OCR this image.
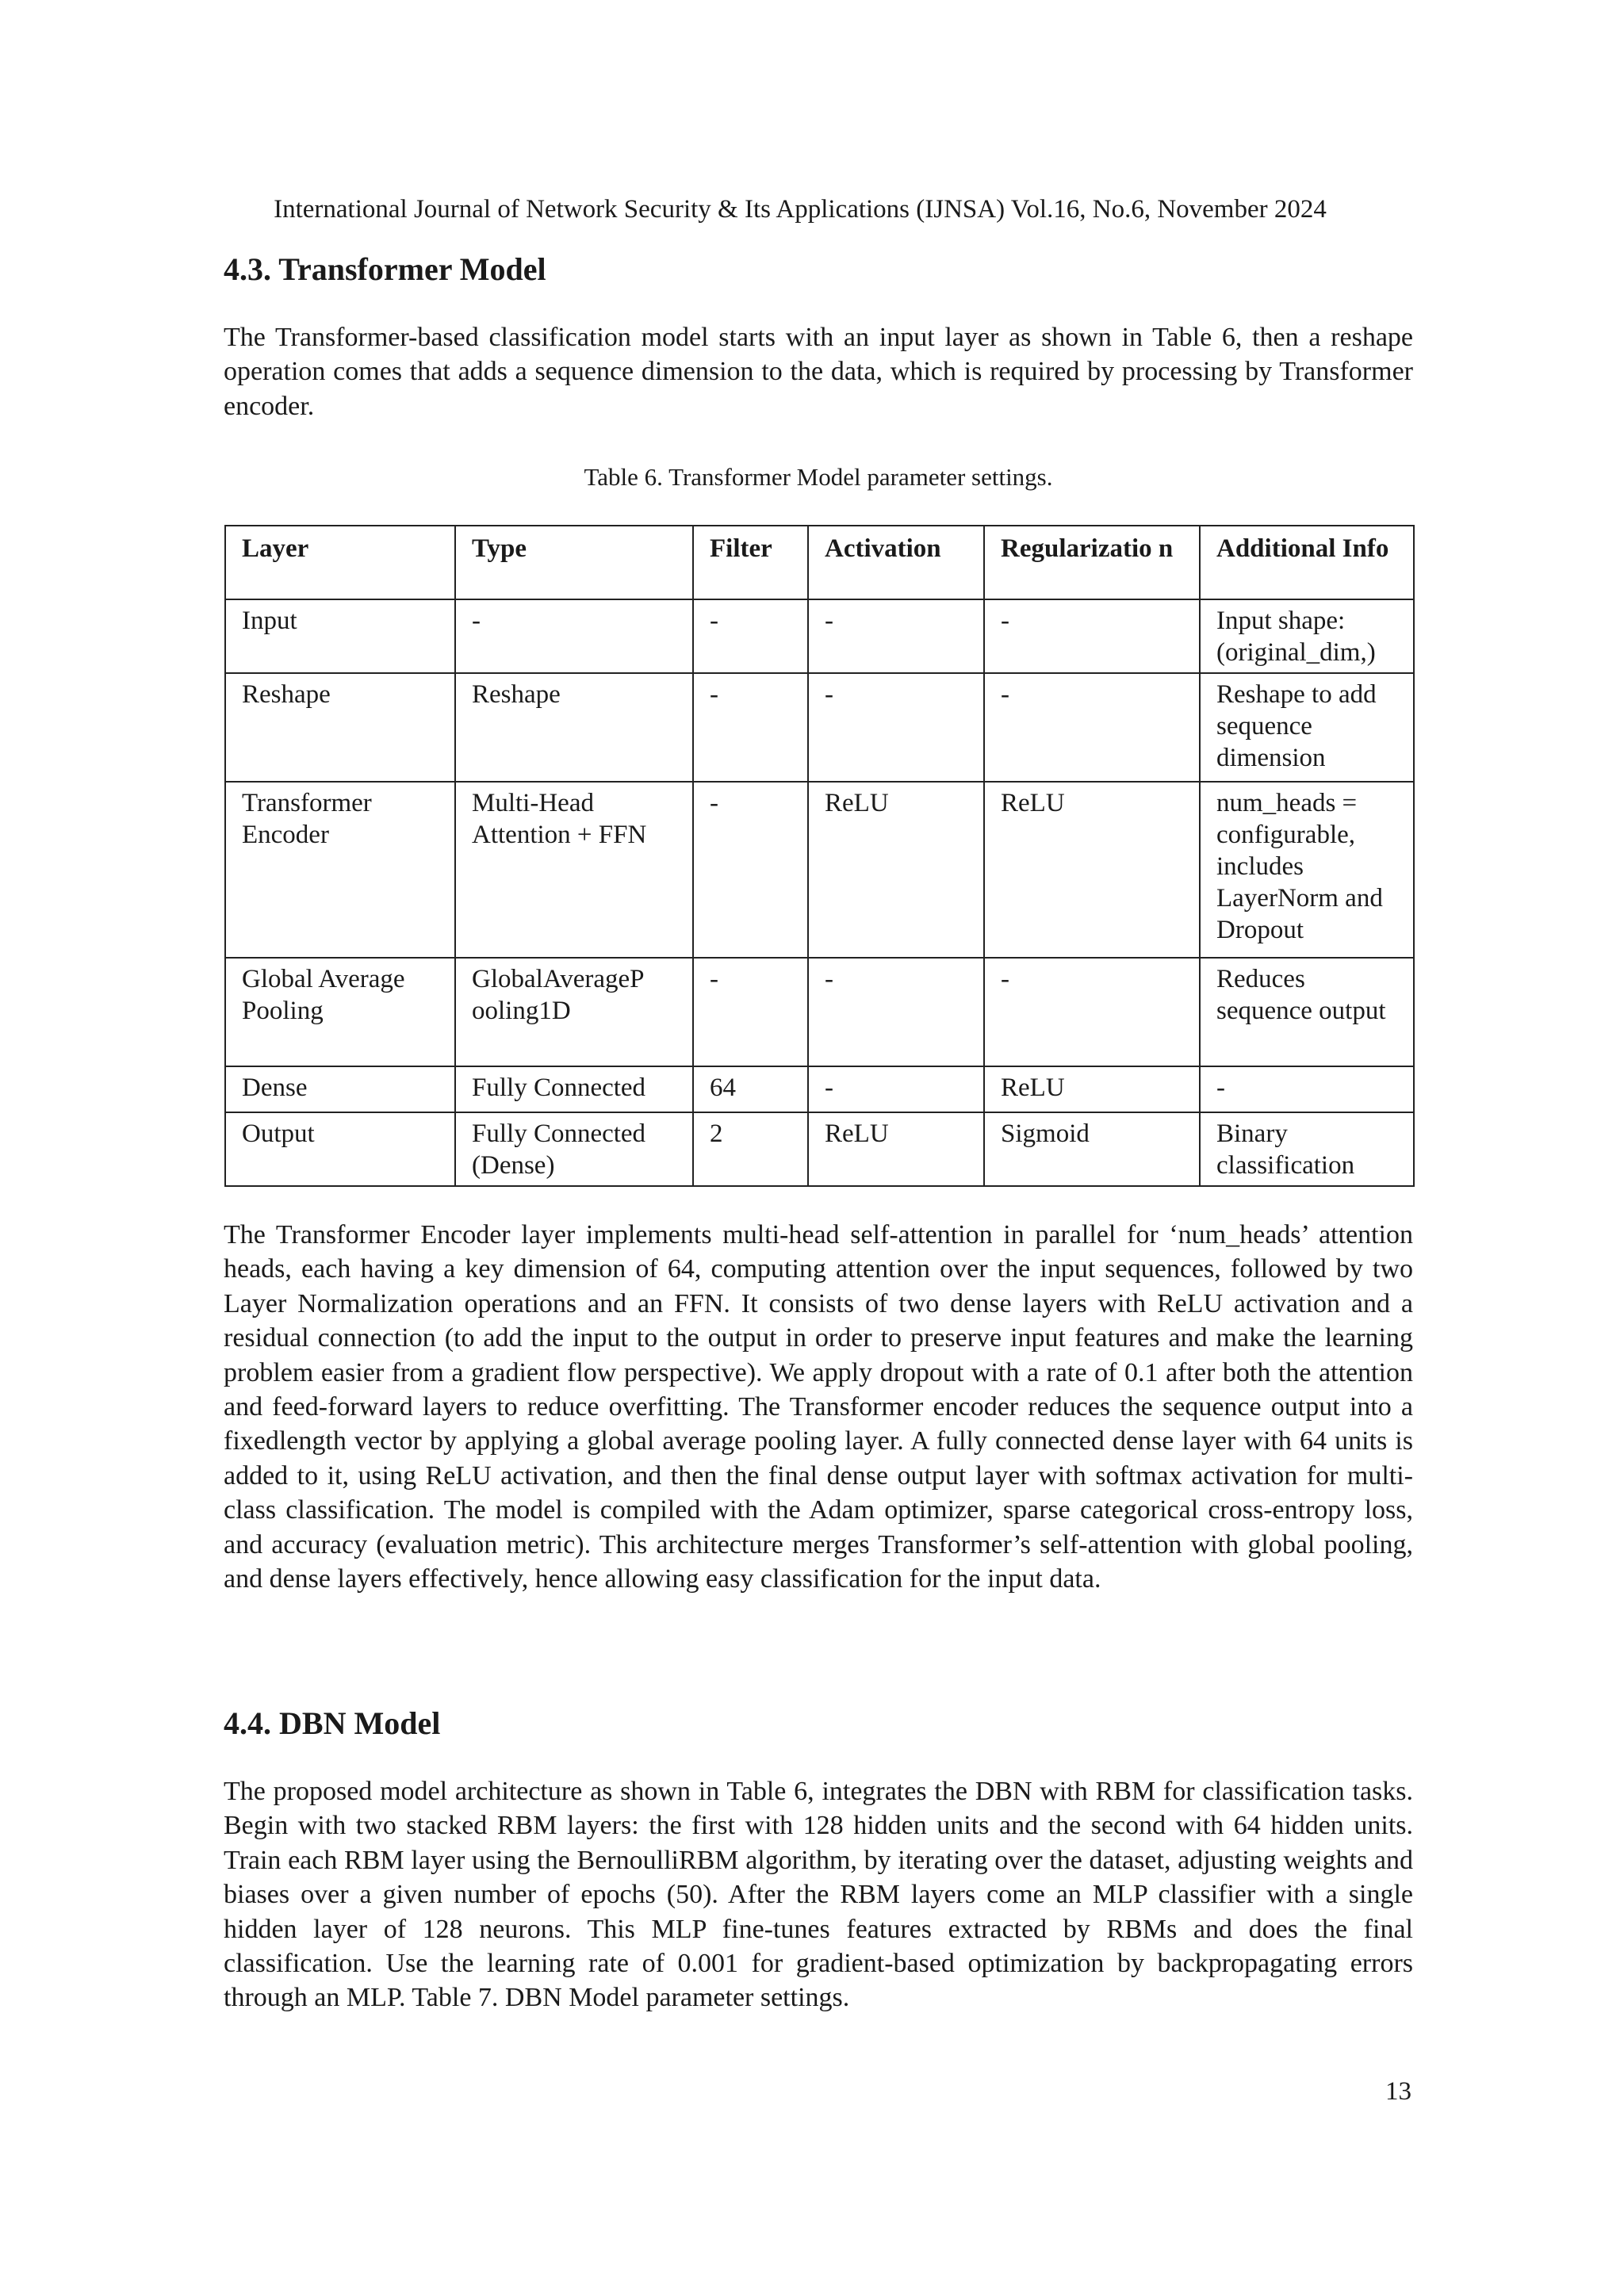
International Journal of Network Security & Its Applications (IJNSA) Vol.16, No.6, November 2024
4.3. Transformer Model

The Transformer-based classification model starts with an input layer as shown in Table 6, then a reshape operation comes that adds a sequence dimension to the data, which is required by processing by Transformer encoder.

Table 6. Transformer Model parameter settings.
Layer	Type	Filter	Activation	Regularizatio n	Additional Info
Input	-	-	-	-	Input shape: (original_dim,)
Reshape	Reshape	-	-	-	Reshape to add sequence dimension
Transformer Encoder	Multi-Head Attention + FFN	-	ReLU	ReLU	num_heads = configurable, includes LayerNorm and Dropout
Global Average Pooling	GlobalAverageP ooling1D	-	-	-	Reduces sequence output
Dense	Fully Connected	64	-	ReLU	-
Output	Fully Connected (Dense)	2	ReLU	Sigmoid	Binary classification

The Transformer Encoder layer implements multi-head self-attention in parallel for ‘num_heads’ attention heads, each having a key dimension of 64, computing attention over the input sequences, followed by two Layer Normalization operations and an FFN. It consists of two dense layers with ReLU activation and a residual connection (to add the input to the output in order to preserve input features and make the learning problem easier from a gradient flow perspective). We apply dropout with a rate of 0.1 after both the attention and feed-forward layers to reduce overfitting. The Transformer encoder reduces the sequence output into a fixedlength vector by applying a global average pooling layer. A fully connected dense layer with 64 units is added to it, using ReLU activation, and then the final dense output layer with softmax activation for multi-class classification. The model is compiled with the Adam optimizer, sparse categorical cross-entropy loss, and accuracy (evaluation metric). This architecture merges Transformer’s self-attention with global pooling, and dense layers effectively, hence allowing easy classification for the input data.

4.4. DBN Model

The proposed model architecture as shown in Table 6, integrates the DBN with RBM for classification tasks. Begin with two stacked RBM layers: the first with 128 hidden units and the second with 64 hidden units. Train each RBM layer using the BernoulliRBM algorithm, by iterating over the dataset, adjusting weights and biases over a given number of epochs (50). After the RBM layers come an MLP classifier with a single hidden layer of 128 neurons. This MLP fine-tunes features extracted by RBMs and does the final classification. Use the learning rate of 0.001 for gradient-based optimization by backpropagating errors through an MLP. Table 7. DBN Model parameter settings.

13
